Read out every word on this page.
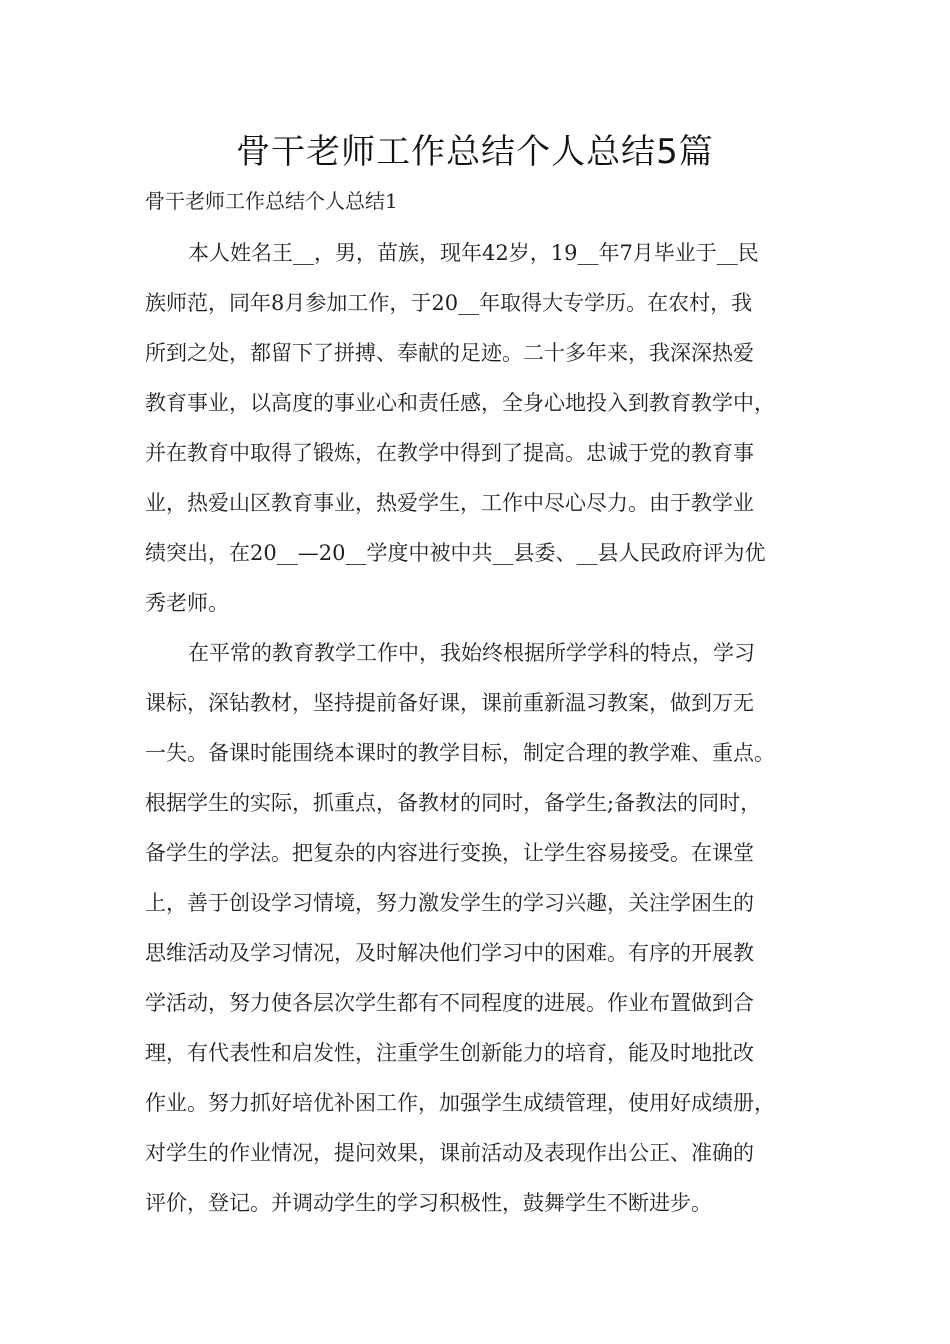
骨干老师工作总结个人总结5篇
骨干老师工作总结个人总结1
本人姓名王__，男，苗族，现年42岁，19__年7月毕业于__民
族师范，同年8月参加工作，于20__年取得大专学历。在农村，我
所到之处，都留下了拼搏、奉献的足迹。二十多年来，我深深热爱
教育事业，以高度的事业心和责任感，全身心地投入到教育教学中，
并在教育中取得了锻炼，在教学中得到了提高。忠诚于党的教育事
业，热爱山区教育事业，热爱学生，工作中尽心尽力。由于教学业
绩突出，在20__—20__学度中被中共__县委、__县人民政府评为优
秀老师。
在平常的教育教学工作中，我始终根据所学学科的特点，学习
课标，深钻教材，坚持提前备好课，课前重新温习教案，做到万无
一失。备课时能围绕本课时的教学目标，制定合理的教学难、重点。
根据学生的实际，抓重点，备教材的同时，备学生;备教法的同时，
备学生的学法。把复杂的内容进行变换，让学生容易接受。在课堂
上，善于创设学习情境，努力激发学生的学习兴趣，关注学困生的
思维活动及学习情况，及时解决他们学习中的困难。有序的开展教
学活动，努力使各层次学生都有不同程度的进展。作业布置做到合
理，有代表性和启发性，注重学生创新能力的培育，能及时地批改
作业。努力抓好培优补困工作，加强学生成绩管理，使用好成绩册，
对学生的作业情况，提问效果，课前活动及表现作出公正、准确的
评价，登记。并调动学生的学习积极性，鼓舞学生不断进步。
